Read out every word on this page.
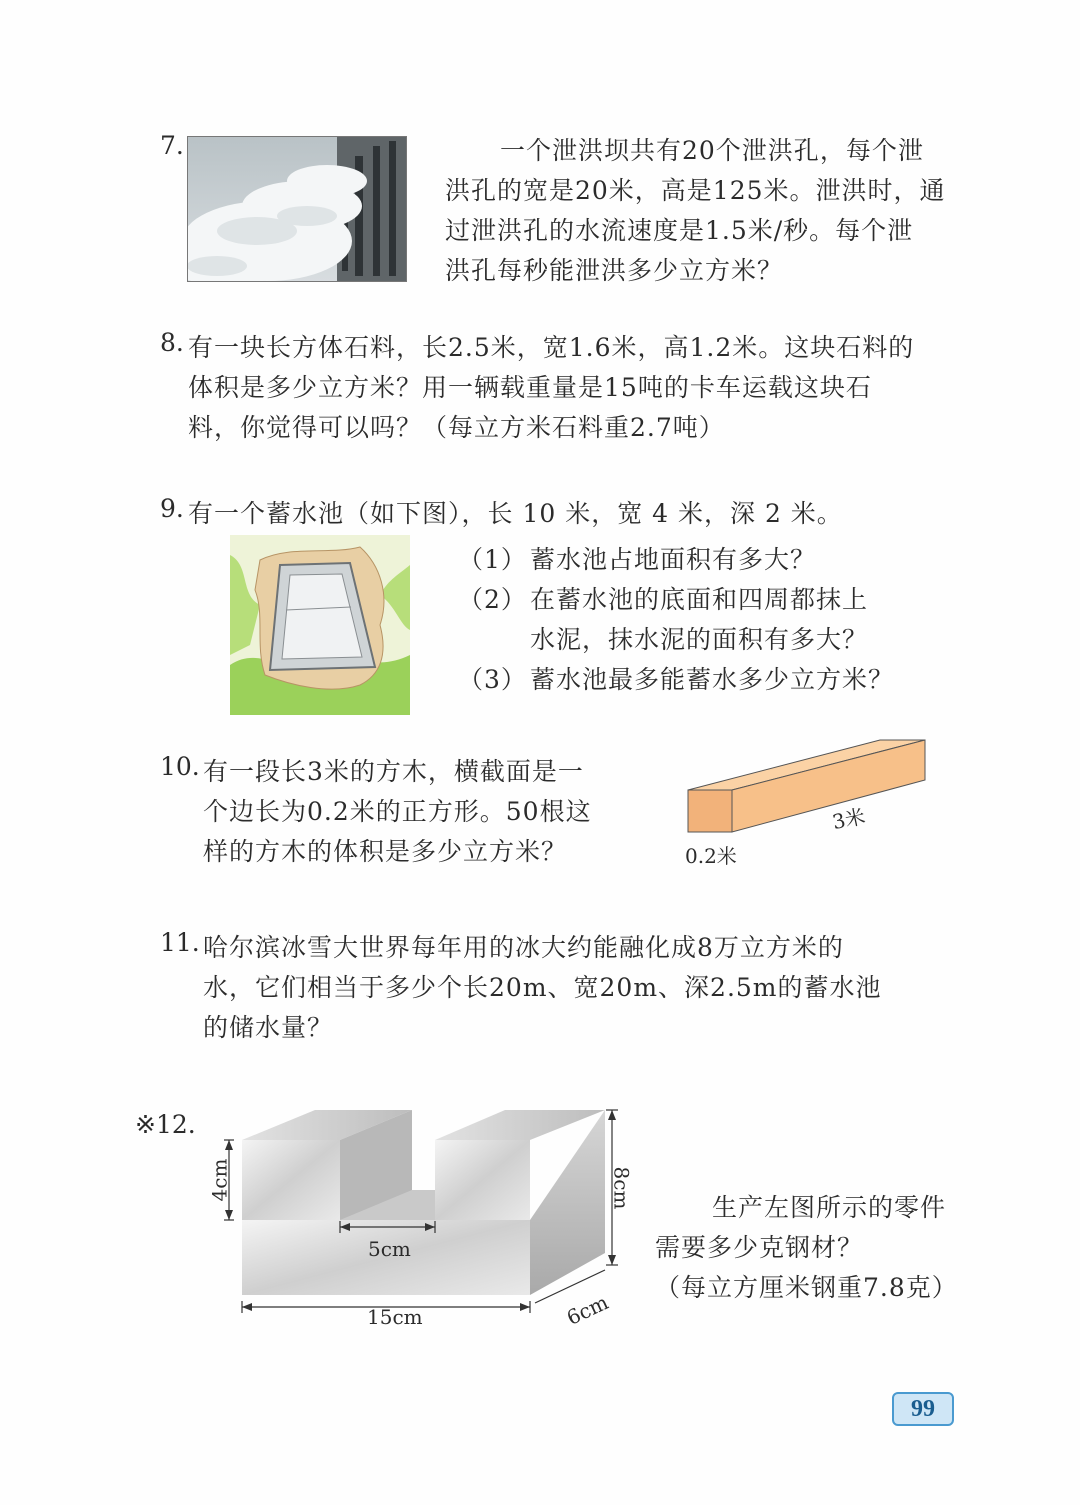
7.	一个泄洪坝共有20个泄洪孔，每个泄
洪孔的宽是20米，高是125米。泄洪时，通
过泄洪孔的水流速度是1.5米/秒。每个泄
洪孔每秒能泄洪多少立方米？
8. 有一块长方体石料，长2.5米，宽1.6米，高1.2米。这块石料的
体积是多少立方米？用一辆载重量是15吨的卡车运载这块石
料，你觉得可以吗？（每立方米石料重2.7吨）
9. 有一个蓄水池（如下图），长 10 米，宽 4 米，深 2 米。
（1） 蓄水池占地面积有多大？
（2） 在蓄水池的底面和四周都抹上
水泥，抹水泥的面积有多大？
（3） 蓄水池最多能蓄水多少立方米？
10. 有一段长3米的方木，横截面是一
个边长为0.2米的正方形。50根这
样的方木的体积是多少立方米？
3米
0.2米
11. 哈尔滨冰雪大世界每年用的冰大约能融化成8万立方米的
水，它们相当于多少个长20m、宽20m、深2.5m的蓄水池
的储水量？
※12.
4cm	8cm
5cm
15cm	6cm
生产左图所示的零件
需要多少克钢材？
（每立方厘米钢重7.8克）
99
